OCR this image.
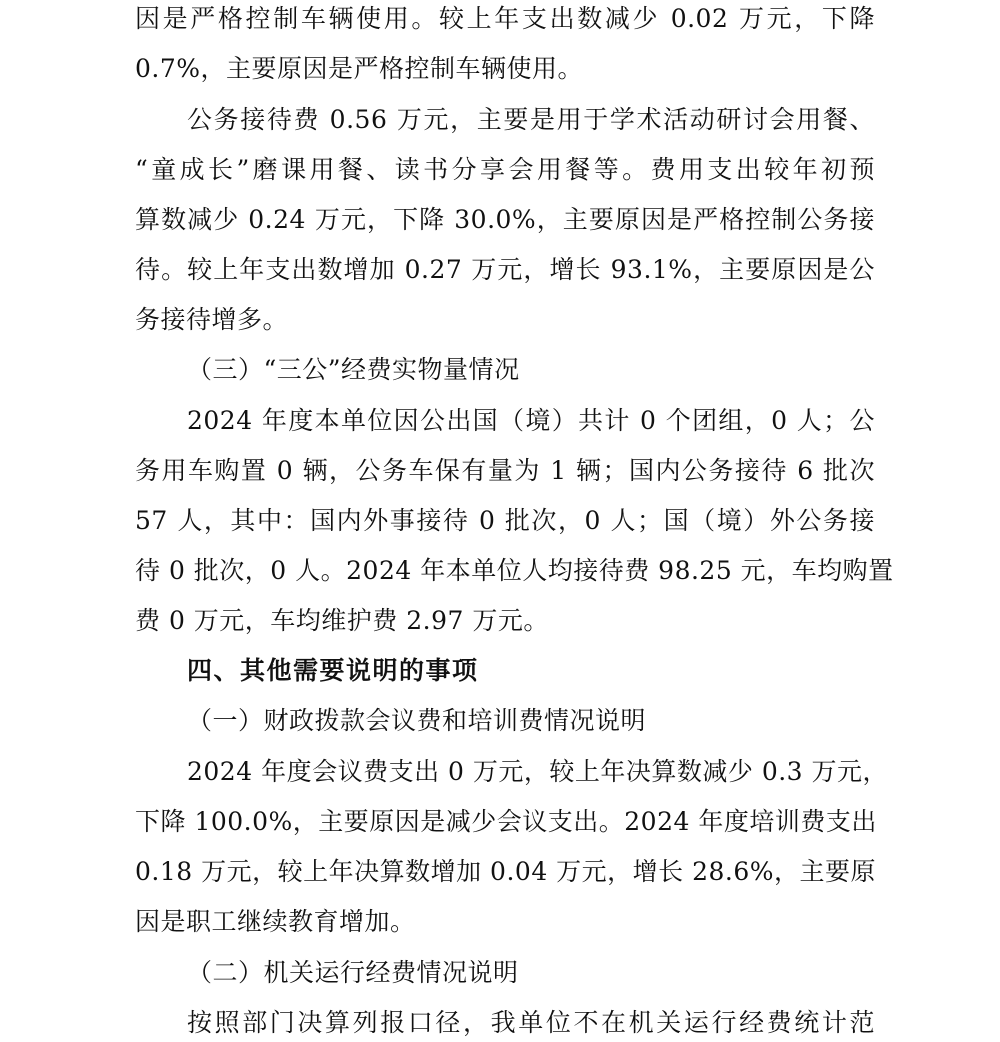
因是严格控制车辆使用。较上年支出数减少 0.02 万元，下降
0.7%，主要原因是严格控制车辆使用。
公务接待费 0.56 万元，主要是用于学术活动研讨会用餐、
“童成长”磨课用餐、读书分享会用餐等。费用支出较年初预
算数减少 0.24 万元，下降 30.0%，主要原因是严格控制公务接
待。较上年支出数增加 0.27 万元，增长 93.1%，主要原因是公
务接待增多。
（三）“三公”经费实物量情况
2024 年度本单位因公出国（境）共计 0 个团组，0 人；公
务用车购置 0 辆，公务车保有量为 1 辆；国内公务接待 6 批次
57 人，其中：国内外事接待 0 批次，0 人；国（境）外公务接
待 0 批次，0 人。2024 年本单位人均接待费 98.25 元，车均购置
费 0 万元，车均维护费 2.97 万元。
四、其他需要说明的事项
（一）财政拨款会议费和培训费情况说明
2024 年度会议费支出 0 万元，较上年决算数减少 0.3 万元，
下降 100.0%，主要原因是减少会议支出。2024 年度培训费支出
0.18 万元，较上年决算数增加 0.04 万元，增长 28.6%，主要原
因是职工继续教育增加。
（二）机关运行经费情况说明
按照部门决算列报口径，我单位不在机关运行经费统计范
